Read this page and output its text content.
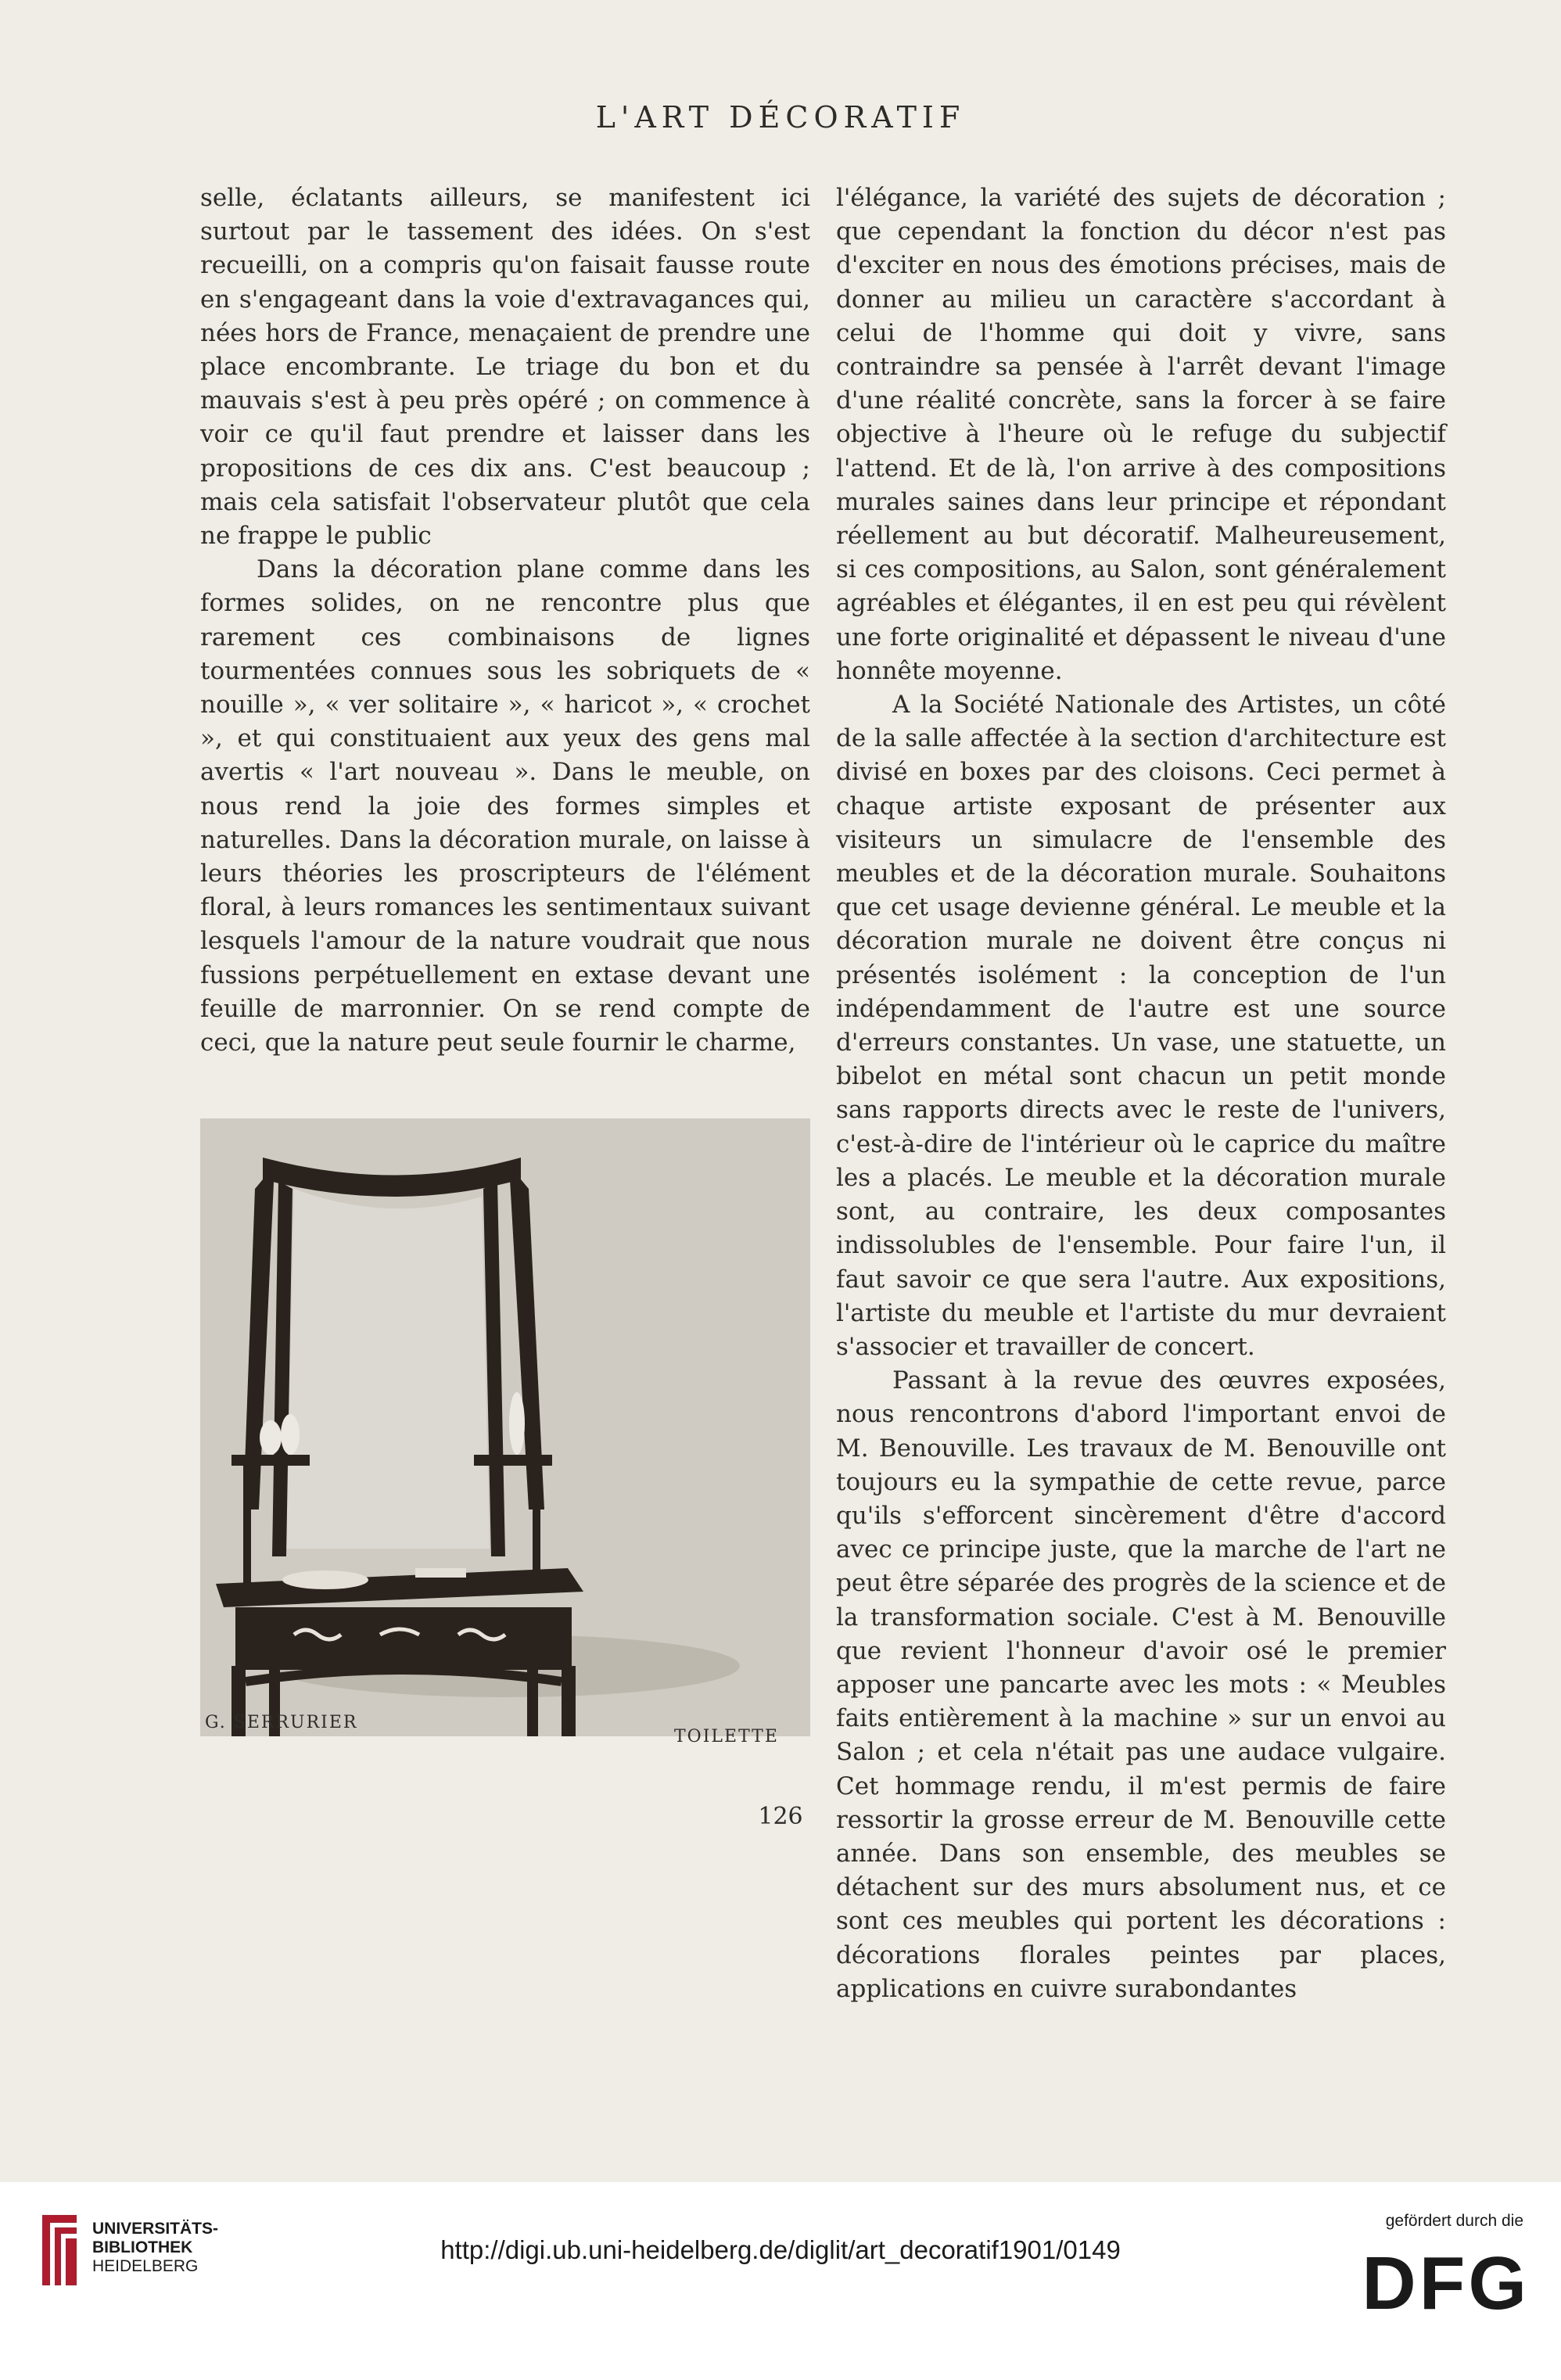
L'ART DÉCORATIF

selle, éclatants ailleurs, se manifestent ici surtout par le tassement des idées. On s'est recueilli, on a compris qu'on faisait fausse route en s'engageant dans la voie d'extravagances qui, nées hors de France, menaçaient de prendre une place encombrante. Le triage du bon et du mauvais s'est à peu près opéré ; on commence à voir ce qu'il faut prendre et laisser dans les propositions de ces dix ans. C'est beaucoup ; mais cela satisfait l'observateur plutôt que cela ne frappe le public

Dans la décoration plane comme dans les formes solides, on ne rencontre plus que rarement ces combinaisons de lignes tourmentées connues sous les sobriquets de « nouille », « ver solitaire », « haricot », « crochet », et qui constituaient aux yeux des gens mal avertis « l'art nouveau ». Dans le meuble, on nous rend la joie des formes simples et naturelles. Dans la décoration murale, on laisse à leurs théories les proscripteurs de l'élément floral, à leurs romances les sentimentaux suivant lesquels l'amour de la nature voudrait que nous fussions perpétuellement en extase devant une feuille de marronnier. On se rend compte de ceci, que la nature peut seule fournir le charme,

G. SERRURIER
TOILETTE

l'élégance, la variété des sujets de décoration ; que cependant la fonction du décor n'est pas d'exciter en nous des émotions précises, mais de donner au milieu un caractère s'accordant à celui de l'homme qui doit y vivre, sans contraindre sa pensée à l'arrêt devant l'image d'une réalité concrète, sans la forcer à se faire objective à l'heure où le refuge du subjectif l'attend. Et de là, l'on arrive à des compositions murales saines dans leur principe et répondant réellement au but décoratif. Malheureusement, si ces compositions, au Salon, sont généralement agréables et élégantes, il en est peu qui révèlent une forte originalité et dépassent le niveau d'une honnête moyenne.

A la Société Nationale des Artistes, un côté de la salle affectée à la section d'architecture est divisé en boxes par des cloisons. Ceci permet à chaque artiste exposant de présenter aux visiteurs un simulacre de l'ensemble des meubles et de la décoration murale. Souhaitons que cet usage devienne général. Le meuble et la décoration murale ne doivent être conçus ni présentés isolément : la conception de l'un indépendamment de l'autre est une source d'erreurs constantes. Un vase, une statuette, un bibelot en métal sont chacun un petit monde sans rapports directs avec le reste de l'univers, c'est-à-dire de l'intérieur où le caprice du maître les a placés. Le meuble et la décoration murale sont, au contraire, les deux composantes indissolubles de l'ensemble. Pour faire l'un, il faut savoir ce que sera l'autre. Aux expositions, l'artiste du meuble et l'artiste du mur devraient s'associer et travailler de concert.

Passant à la revue des œuvres exposées, nous rencontrons d'abord l'important envoi de M. Benouville. Les travaux de M. Benouville ont toujours eu la sympathie de cette revue, parce qu'ils s'efforcent sincèrement d'être d'accord avec ce principe juste, que la marche de l'art ne peut être séparée des progrès de la science et de la transformation sociale. C'est à M. Benouville que revient l'honneur d'avoir osé le premier apposer une pancarte avec les mots : « Meubles faits entièrement à la machine » sur un envoi au Salon ; et cela n'était pas une audace vulgaire. Cet hommage rendu, il m'est permis de faire ressortir la grosse erreur de M. Benouville cette année. Dans son ensemble, des meubles se détachent sur des murs absolument nus, et ce sont ces meubles qui portent les décorations : décorations florales peintes par places, applications en cuivre surabondantes

126
UNIVERSITÄTS-
BIBLIOTHEK
HEIDELBERG
http://digi.ub.uni-heidelberg.de/diglit/art_decoratif1901/0149
gefördert durch die
DFG
